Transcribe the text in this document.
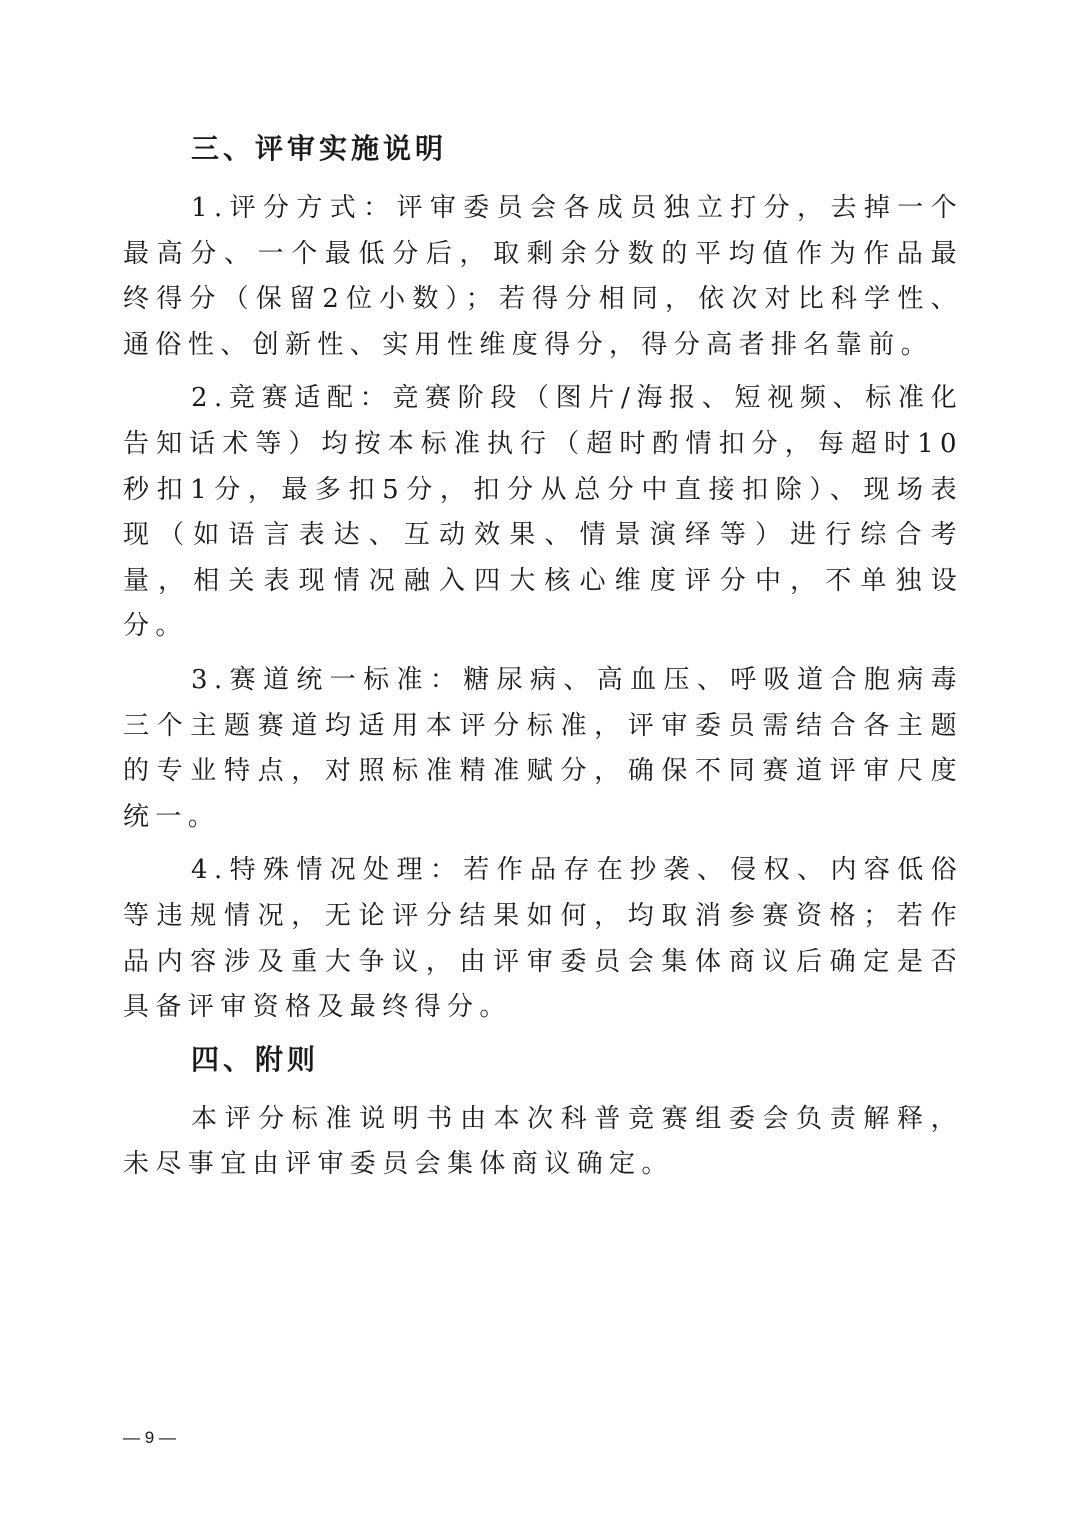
三、评审实施说明

1.评分方式：评审委员会各成员独立打分，去掉一个最高分、一个最低分后，取剩余分数的平均值作为作品最终得分（保留2位小数）；若得分相同，依次对比科学性、通俗性、创新性、实用性维度得分，得分高者排名靠前。

2.竞赛适配：竞赛阶段（图片/海报、短视频、标准化告知话术等）均按本标准执行（超时酌情扣分，每超时10秒扣1分，最多扣5分，扣分从总分中直接扣除）、现场表现（如语言表达、互动效果、情景演绎等）进行综合考量，相关表现情况融入四大核心维度评分中，不单独设分。

3.赛道统一标准：糖尿病、高血压、呼吸道合胞病毒三个主题赛道均适用本评分标准，评审委员需结合各主题的专业特点，对照标准精准赋分，确保不同赛道评审尺度统一。

4.特殊情况处理：若作品存在抄袭、侵权、内容低俗等违规情况，无论评分结果如何，均取消参赛资格；若作品内容涉及重大争议，由评审委员会集体商议后确定是否具备评审资格及最终得分。

四、附则

本评分标准说明书由本次科普竞赛组委会负责解释，未尽事宜由评审委员会集体商议确定。

— 9 —
